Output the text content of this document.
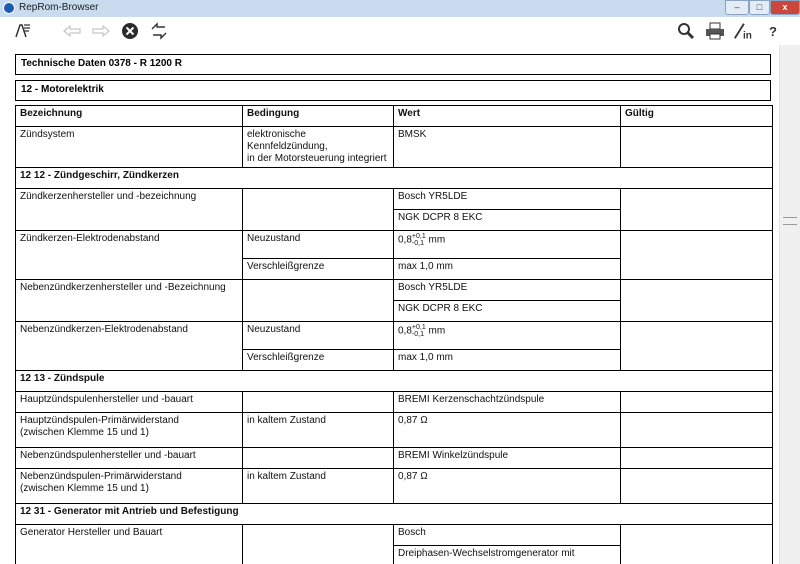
RepRom-Browser	–	□	x
in	?
Technische Daten 0378 - R 1200 R
12 - Motorelektrik
Bezeichnung	Bedingung	Wert	Gültig
Zündsystem	elektronische Kennfeldzündung,
in der Motorsteuerung integriert	BMSK	
12 12 - Zündgeschirr, Zündkerzen			
Zündkerzenhersteller und -bezeichnung		Bosch YR5LDE	
		NGK DCPR 8 EKC	
Zündkerzen-Elektrodenabstand	Neuzustand	0,8+0,1
-0,1 mm	
	Verschleißgrenze	max 1,0 mm	
Nebenzündkerzenhersteller und -Bezeichnung		Bosch YR5LDE	
		NGK DCPR 8 EKC	
Nebenzündkerzen-Elektrodenabstand	Neuzustand	0,8+0,1
-0,1 mm	
	Verschleißgrenze	max 1,0 mm	
12 13 - Zündspule			
Hauptzündspulenhersteller und -bauart		BREMI Kerzenschachtzündspule	
Hauptzündspulen-Primärwiderstand
(zwischen Klemme 15 und 1)	in kaltem Zustand	0,87 Ω	
Nebenzündspulenhersteller und -bauart		BREMI Winkelzündspule	
Nebenzündspulen-Primärwiderstand
(zwischen Klemme 15 und 1)	in kaltem Zustand	0,87 Ω	
12 31 - Generator mit Antrieb und Befestigung			
Generator Hersteller und Bauart		Bosch	
		Dreiphasen-Wechselstromgenerator mit	
